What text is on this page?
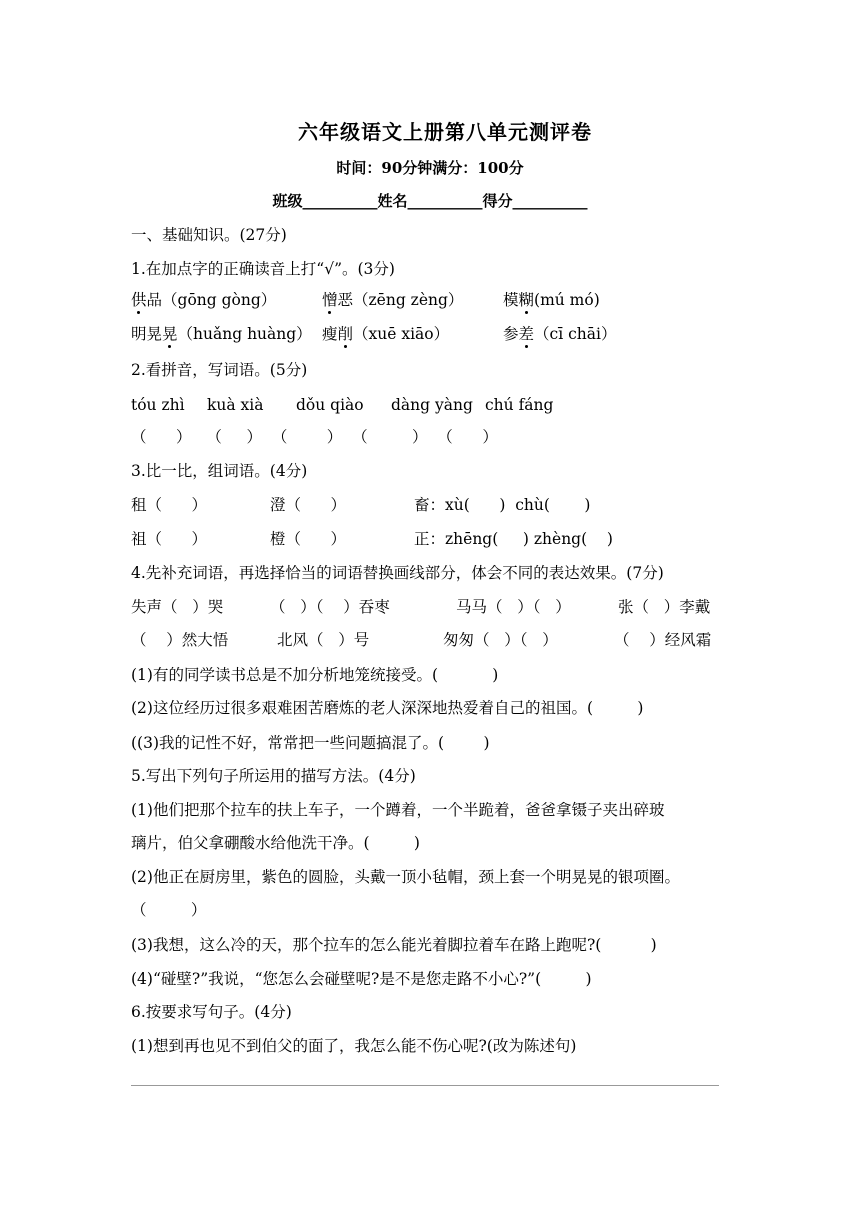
六年级语文上册第八单元测评卷
时间：90分钟满分：100分
班级__________姓名__________得分__________
一、基础知识。(27分)
1.在加点字的正确读音上打“√”。(3分)
供品（gōng gòng）	憎恶（zēng zèng）	模糊(mú mó)
明晃晃（huǎng huàng） 瘦削（xuē xiāo）	参差（cī chāi）
2.看拼音，写词语。(5分)
tóu zhì kuà xià dǒu qiào dàng yàng chú fáng
（      ）   （     ）  （        ）  （         ）  （      ）
3.比一比，组词语。(4分)
租（      ）	澄（      ）	畜：xù(      )  chù(       )
祖（      ）	橙（      ）	正：zhēng(     ) zhèng(    )
4.先补充词语，再选择恰当的词语替换画线部分，体会不同的表达效果。(7分)
失声（   ）哭	（   ）（    ）吞枣	马马（   ）（   ）	张（   ）李戴
（    ）然大悟	北风（   ）号	匆匆（   ）（   ）	（    ）经风霜
(1)有的同学读书总是不加分析地笼统接受。(           )
(2)这位经历过很多艰难困苦磨炼的老人深深地热爱着自己的祖国。(         )
((3)我的记性不好，常常把一些问题搞混了。(        )
5.写出下列句子所运用的描写方法。(4分)
(1)他们把那个拉车的扶上车子，一个蹲着，一个半跪着，爸爸拿镊子夹出碎玻
璃片，伯父拿硼酸水给他洗干净。(         )
(2)他正在厨房里，紫色的圆脸，头戴一顶小毡帽，颈上套一个明晃晃的银项圈。
（         ）
(3)我想，这么冷的天，那个拉车的怎么能光着脚拉着车在路上跑呢?(          )
(4)“碰壁?”我说，“您怎么会碰壁呢?是不是您走路不小心?”(         )
6.按要求写句子。(4分)
(1)想到再也见不到伯父的面了，我怎么能不伤心呢?(改为陈述句)
